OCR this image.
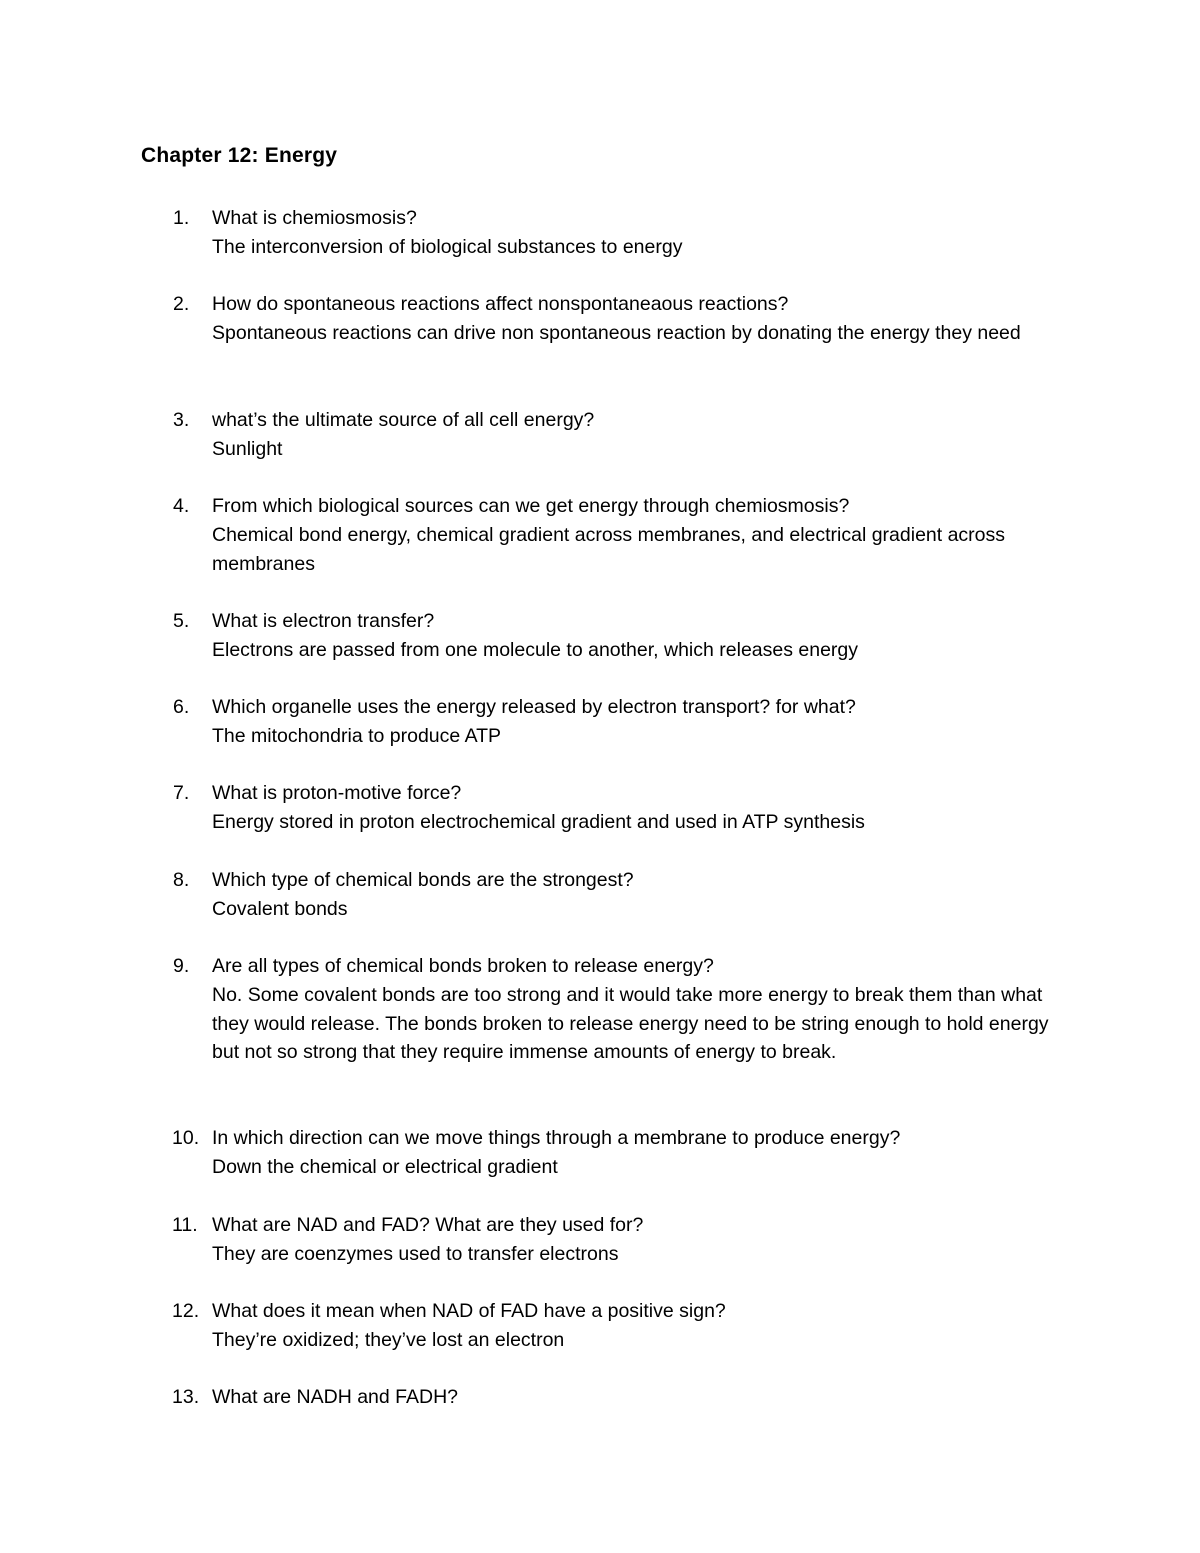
Chapter 12: Energy
1.	What is chemiosmosis?
The interconversion of biological substances to energy
2.	How do spontaneous reactions affect nonspontaneaous reactions?
Spontaneous reactions can drive non spontaneous reaction by donating the energy they need
3.	what’s the ultimate source of all cell energy?
Sunlight
4.	From which biological sources can we get energy through chemiosmosis?
Chemical bond energy, chemical gradient across membranes, and electrical gradient across membranes
5.	What is electron transfer?
Electrons are passed from one molecule to another, which releases energy
6.	Which organelle uses the energy released by electron transport? for what?
The mitochondria to produce ATP
7.	What is proton-motive force?
Energy stored in proton electrochemical gradient and used in ATP synthesis
8.	Which type of chemical bonds are the strongest?
Covalent bonds
9.	Are all types of chemical bonds broken to release energy?
No. Some covalent bonds are too strong and it would take more energy to break them than what they would release. The bonds broken to release energy need to be string enough to hold energy but not so strong that they require immense amounts of energy to break.
10. In which direction can we move things through a membrane to produce energy?
Down the chemical or electrical gradient
11. What are NAD and FAD? What are they used for?
They are coenzymes used to transfer electrons
12. What does it mean when NAD of FAD have a positive sign?
They’re oxidized; they’ve lost an electron
13. What are NADH and FADH?
